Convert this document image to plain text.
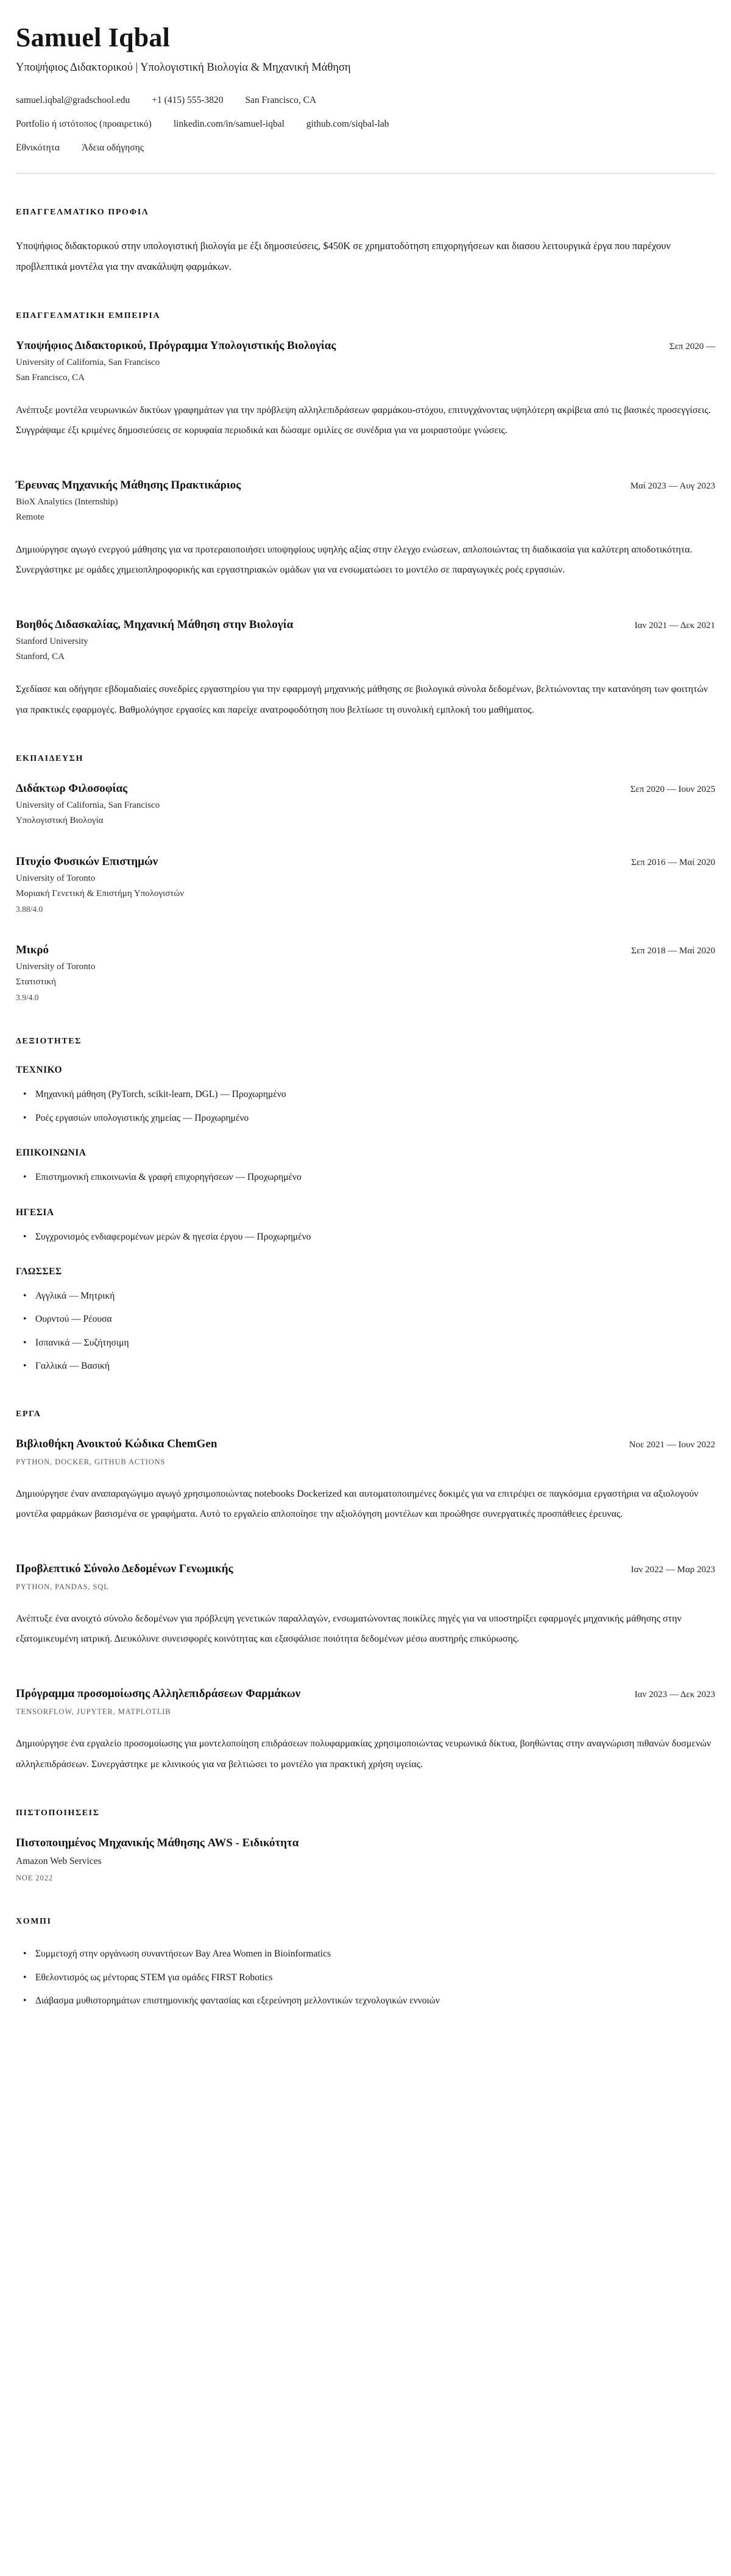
Samuel Iqbal
Υποψήφιος Διδακτορικού | Υπολογιστική Βιολογία & Μηχανική Μάθηση
samuel.iqbal@gradschool.edu +1 (415) 555-3820 San Francisco, CA
Portfolio ή ιστότοπος (προαιρετικό) linkedin.com/in/samuel-iqbal github.com/siqbal-lab
Εθνικότητα Άδεια οδήγησης
ΕΠΑΓΓΕΛΜΑΤΙΚΟ ΠΡΟΦΙΛ

Υποψήφιος διδακτορικού στην υπολογιστική βιολογία με έξι δημοσιεύσεις, $450K σε χρηματοδότηση επιχορηγήσεων και διασου λειτουργικά έργα που παρέχουν προβλεπτικά μοντέλα για την ανακάλυψη φαρμάκων.

ΕΠΑΓΓΕΛΜΑΤΙΚΗ ΕΜΠΕΙΡΙΑ
Υποψήφιος Διδακτορικού, Πρόγραμμα Υπολογιστικής Βιολογίας	Σεπ 2020 —
University of California, San Francisco
San Francisco, CA

Ανέπτυξε μοντέλα νευρωνικών δικτύων γραφημάτων για την πρόβλεψη αλληλεπιδράσεων φαρμάκου-στόχου, επιτυγχάνοντας υψηλότερη ακρίβεια από τις βασικές προσεγγίσεις. Συγγράψαμε έξι κριμένες δημοσιεύσεις σε κορυφαία περιοδικά και δώσαμε ομιλίες σε συνέδρια για να μοιραστούμε γνώσεις.

Έρευνας Μηχανικής Μάθησης Πρακτικάριος	Μαί 2023 — Αυγ 2023
BioX Analytics (Internship)
Remote

Δημιούργησε αγωγό ενεργού μάθησης για να προτεραιοποιήσει υποψηφίους υψηλής αξίας στην έλεγχο ενώσεων, απλοποιώντας τη διαδικασία για καλύτερη αποδοτικότητα. Συνεργάστηκε με ομάδες χημειοπληροφορικής και εργαστηριακών ομάδων για να ενσωματώσει το μοντέλο σε παραγωγικές ροές εργασιών.

Βοηθός Διδασκαλίας, Μηχανική Μάθηση στην Βιολογία	Ιαν 2021 — Δεκ 2021
Stanford University
Stanford, CA

Σχεδίασε και οδήγησε εβδομαδιαίες συνεδρίες εργαστηρίου για την εφαρμογή μηχανικής μάθησης σε βιολογικά σύνολα δεδομένων, βελτιώνοντας την κατανόηση των φοιτητών για πρακτικές εφαρμογές. Βαθμολόγησε εργασίες και παρείχε ανατροφοδότηση που βελτίωσε τη συνολική εμπλοκή του μαθήματος.

ΕΚΠΑΙΔΕΥΣΗ
Διδάκτωρ Φιλοσοφίας	Σεπ 2020 — Ιουν 2025
University of California, San Francisco
Υπολογιστική Βιολογία
Πτυχίο Φυσικών Επιστημών	Σεπ 2016 — Μαί 2020
University of Toronto
Μοριακή Γενετική & Επιστήμη Υπολογιστών
3.88/4.0
Μικρό	Σεπ 2018 — Μαί 2020
University of Toronto
Στατιστική
3.9/4.0
ΔΕΞΙΟΤΗΤΕΣ
ΤΕΧΝΙΚΟ
• Μηχανική μάθηση (PyTorch, scikit-learn, DGL) — Προχωρημένο
• Ροές εργασιών υπολογιστικής χημείας — Προχωρημένο
ΕΠΙΚΟΙΝΩΝΙΑ
• Επιστημονική επικοινωνία & γραφή επιχορηγήσεων — Προχωρημένο
ΗΓΕΣΙΑ
• Συγχρονισμός ενδιαφερομένων μερών & ηγεσία έργου — Προχωρημένο
ΓΛΩΣΣΕΣ
• Αγγλικά — Μητρική
• Ουρντού — Ρέουσα
• Ισπανικά — Συζήτησιμη
• Γαλλικά — Βασική
ΕΡΓΑ
Βιβλιοθήκη Ανοικτού Κώδικα ChemGen	Νοε 2021 — Ιουν 2022
PYTHON, DOCKER, GITHUB ACTIONS

Δημιούργησε έναν αναπαραγώγιμο αγωγό χρησιμοποιώντας notebooks Dockerized και αυτοματοποιημένες δοκιμές για να επιτρέψει σε παγκόσμια εργαστήρια να αξιολογούν μοντέλα φαρμάκων βασισμένα σε γραφήματα. Αυτό το εργαλείο απλοποίησε την αξιολόγηση μοντέλων και προώθησε συνεργατικές προσπάθειες έρευνας.

Προβλεπτικό Σύνολο Δεδομένων Γενωμικής	Ιαν 2022 — Μαρ 2023
PYTHON, PANDAS, SQL

Ανέπτυξε ένα ανοιχτό σύνολο δεδομένων για πρόβλεψη γενετικών παραλλαγών, ενσωματώνοντας ποικίλες πηγές για να υποστηρίξει εφαρμογές μηχανικής μάθησης στην εξατομικευμένη ιατρική. Διευκόλυνε συνεισφορές κοινότητας και εξασφάλισε ποιότητα δεδομένων μέσω αυστηρής επικύρωσης.

Πρόγραμμα προσομοίωσης Αλληλεπιδράσεων Φαρμάκων	Ιαν 2023 — Δεκ 2023
TENSORFLOW, JUPYTER, MATPLOTLIB

Δημιούργησε ένα εργαλείο προσομοίωσης για μοντελοποίηση επιδράσεων πολυφαρμακίας χρησιμοποιώντας νευρωνικά δίκτυα, βοηθώντας στην αναγνώριση πιθανών δυσμενών αλληλεπιδράσεων. Συνεργάστηκε με κλινικούς για να βελτιώσει το μοντέλο για πρακτική χρήση υγείας.

ΠΙΣΤΟΠΟΙΗΣΕΙΣ
Πιστοποιημένος Μηχανικής Μάθησης AWS - Ειδικότητα
Amazon Web Services
ΝΟΕ 2022
ΧΟΜΠΙ
• Συμμετοχή στην οργάνωση συναντήσεων Bay Area Women in Bioinformatics
• Εθελοντισμός ως μέντορας STEM για ομάδες FIRST Robotics
• Διάβασμα μυθιστορημάτων επιστημονικής φαντασίας και εξερεύνηση μελλοντικών τεχνολογικών εννοιών
